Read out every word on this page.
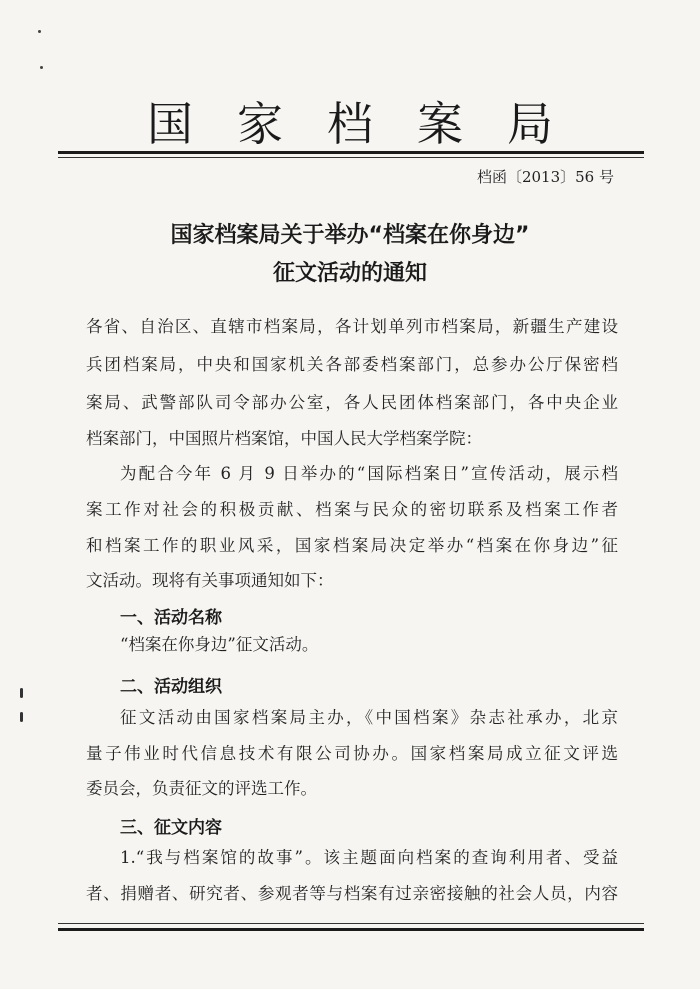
国家档案局
档函〔2013〕56 号
国家档案局关于举办“档案在你身边”
征文活动的通知
各省、自治区、直辖市档案局，各计划单列市档案局，新疆生产建设
兵团档案局，中央和国家机关各部委档案部门，总参办公厅保密档
案局、武警部队司令部办公室，各人民团体档案部门，各中央企业
档案部门，中国照片档案馆，中国人民大学档案学院：
为配合今年 6 月 9 日举办的“国际档案日”宣传活动，展示档
案工作对社会的积极贡献、档案与民众的密切联系及档案工作者
和档案工作的职业风采，国家档案局决定举办“档案在你身边”征
文活动。现将有关事项通知如下：
一、活动名称
“档案在你身边”征文活动。
二、活动组织
征文活动由国家档案局主办，《中国档案》杂志社承办，北京
量子伟业时代信息技术有限公司协办。国家档案局成立征文评选
委员会，负责征文的评选工作。
三、征文内容
1.“我与档案馆的故事”。该主题面向档案的查询利用者、受益
者、捐赠者、研究者、参观者等与档案有过亲密接触的社会人员，内容
